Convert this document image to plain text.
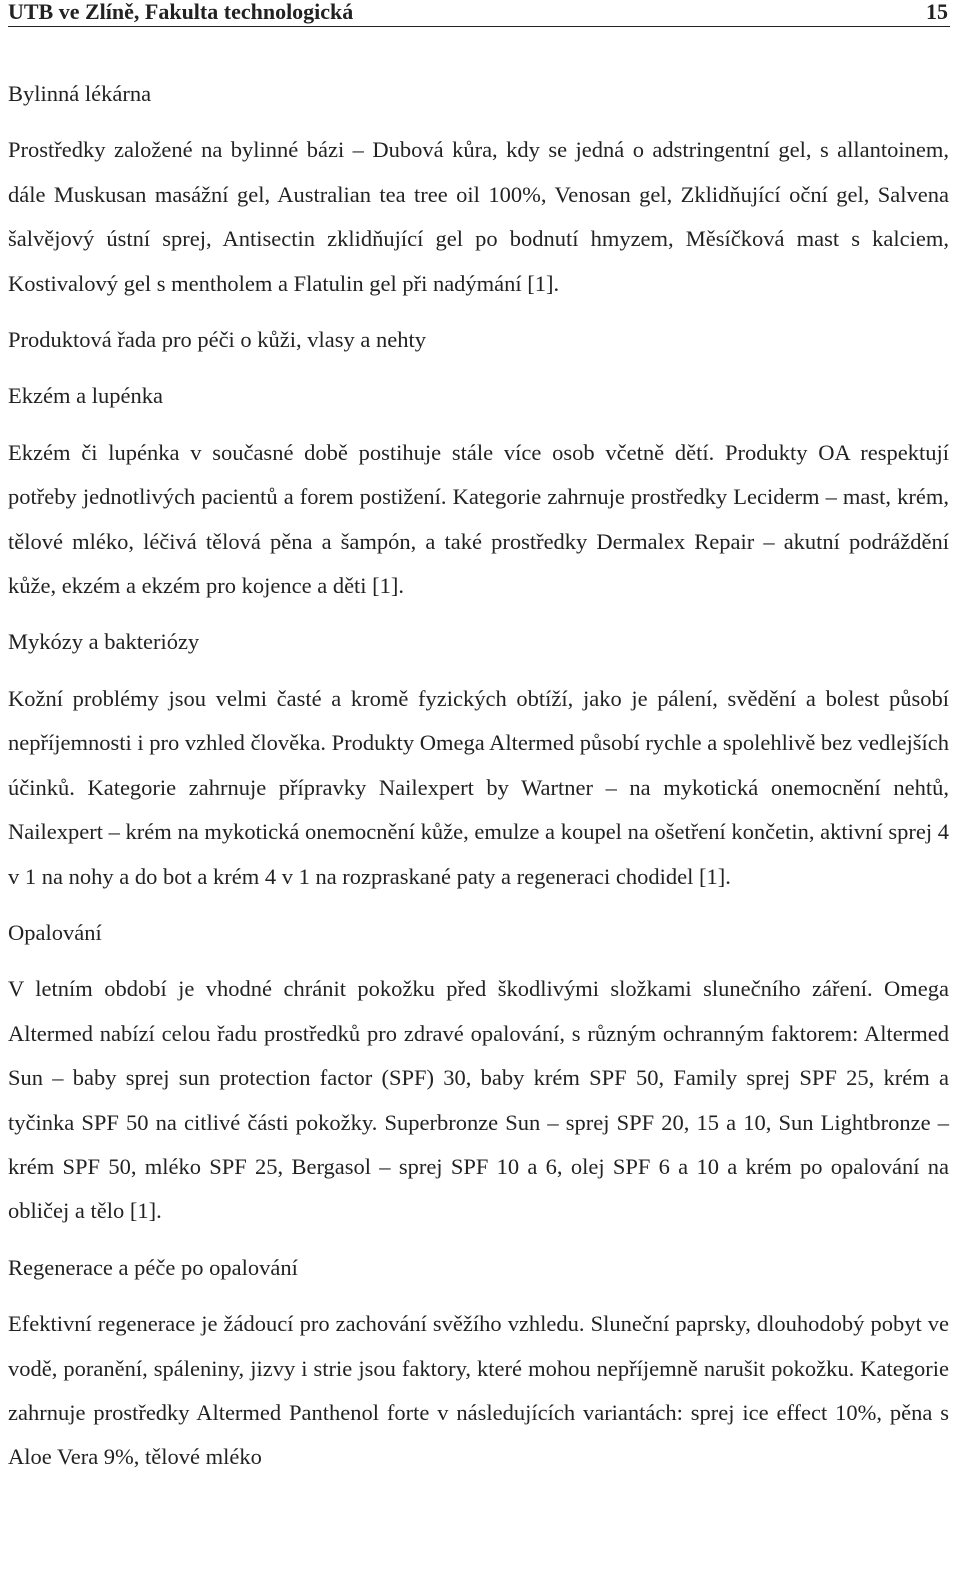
UTB ve Zlíně, Fakulta technologická	15

Bylinná lékárna

Prostředky založené na bylinné bázi – Dubová kůra, kdy se jedná o adstringentní gel, s allantoinem, dále Muskusan masážní gel, Australian tea tree oil 100%, Venosan gel, Zklidňující oční gel, Salvena šalvějový ústní sprej, Antisectin zklidňující gel po bodnutí hmyzem, Měsíčková mast s kalciem, Kostivalový gel s mentholem a Flatulin gel při nadýmání [1].

Produktová řada pro péči o kůži, vlasy a nehty

Ekzém a lupénka

Ekzém či lupénka v současné době postihuje stále více osob včetně dětí. Produkty OA respektují potřeby jednotlivých pacientů a forem postižení. Kategorie zahrnuje prostředky Leciderm – mast, krém, tělové mléko, léčivá tělová pěna a šampón, a také prostředky Dermalex Repair – akutní podráždění kůže, ekzém a ekzém pro kojence a děti [1].

Mykózy a bakteriózy

Kožní problémy jsou velmi časté a kromě fyzických obtíží, jako je pálení, svědění a bolest působí nepříjemnosti i pro vzhled člověka. Produkty Omega Altermed působí rychle a spolehlivě bez vedlejších účinků. Kategorie zahrnuje přípravky Nailexpert by Wartner – na mykotická onemocnění nehtů, Nailexpert – krém na mykotická onemocnění kůže, emulze a koupel na ošetření končetin, aktivní sprej 4 v 1 na nohy a do bot a krém 4 v 1 na rozpraskané paty a regeneraci chodidel [1].

Opalování

V letním období je vhodné chránit pokožku před škodlivými složkami slunečního záření. Omega Altermed nabízí celou řadu prostředků pro zdravé opalování, s různým ochranným faktorem: Altermed Sun – baby sprej sun protection factor (SPF) 30, baby krém SPF 50, Family sprej SPF 25, krém a tyčinka SPF 50 na citlivé části pokožky. Superbronze Sun – sprej SPF 20, 15 a 10, Sun Lightbronze – krém SPF 50, mléko SPF 25, Bergasol – sprej SPF 10 a 6, olej SPF 6 a 10 a krém po opalování na obličej a tělo [1].

Regenerace a péče po opalování

Efektivní regenerace je žádoucí pro zachování svěžího vzhledu. Sluneční paprsky, dlouhodobý pobyt ve vodě, poranění, spáleniny, jizvy i strie jsou faktory, které mohou nepříjemně narušit pokožku. Kategorie zahrnuje prostředky Altermed Panthenol forte v následujících variantách: sprej ice effect 10%, pěna s Aloe Vera 9%, tělové mléko
